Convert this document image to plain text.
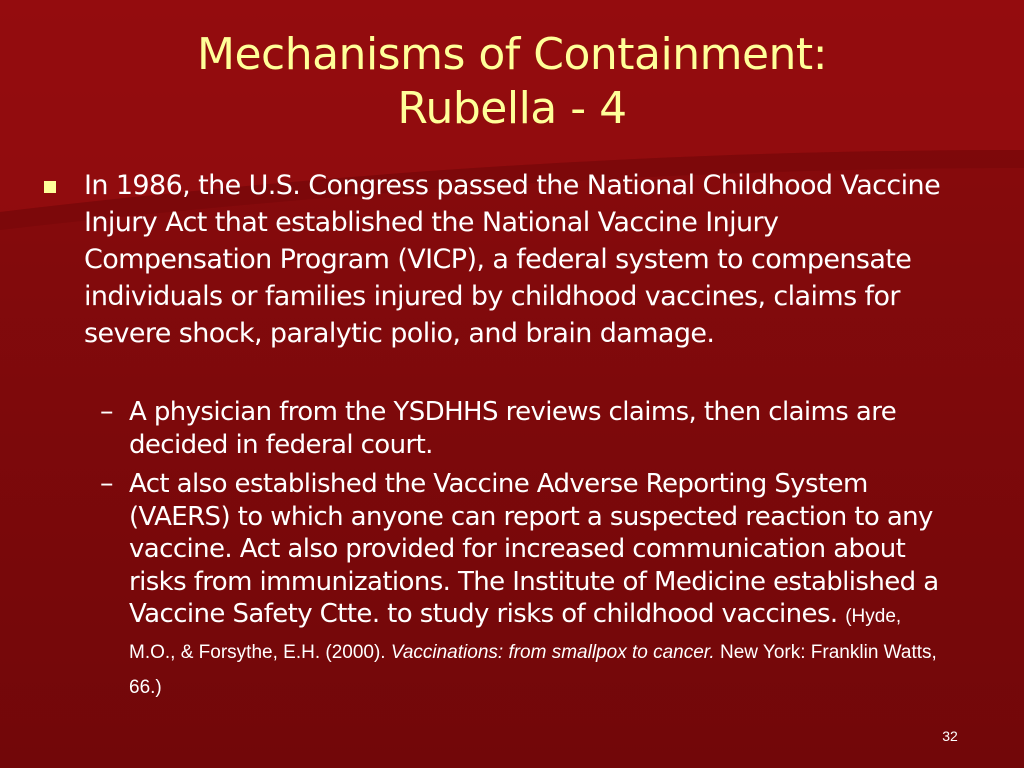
Mechanisms of Containment:
Rubella - 4
In 1986, the U.S. Congress passed the National Childhood Vaccine Injury Act that established the National Vaccine Injury Compensation Program (VICP), a federal system to compensate individuals or families injured by childhood vaccines, claims for severe shock, paralytic polio, and brain damage.
– A physician from the YSDHHS reviews claims, then claims are decided in federal court.
– Act also established the Vaccine Adverse Reporting System (VAERS) to which anyone can report a suspected reaction to any vaccine. Act also provided for increased communication about risks from immunizations. The Institute of Medicine established a Vaccine Safety Ctte. to study risks of childhood vaccines. (Hyde, M.O., & Forsythe, E.H. (2000). Vaccinations: from smallpox to cancer. New York: Franklin Watts, 66.)
32
